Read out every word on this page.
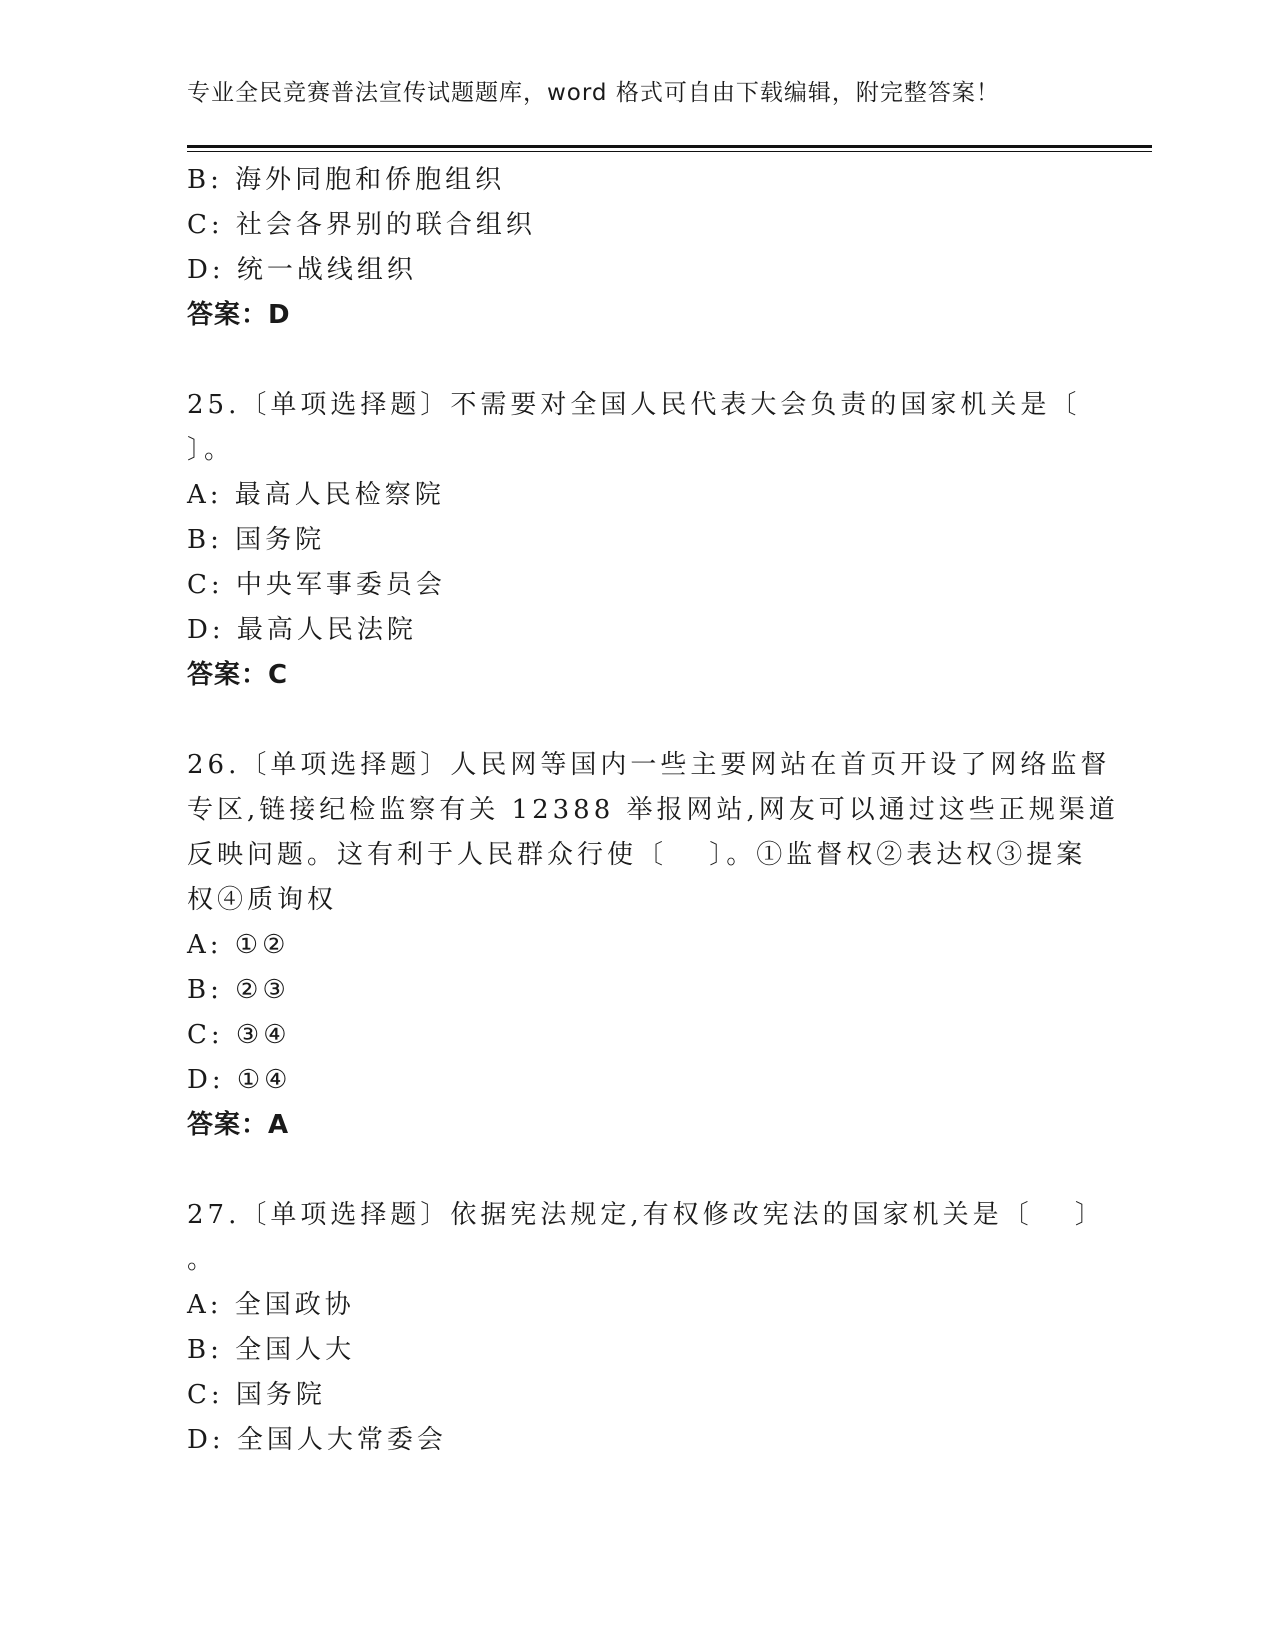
专业全民竞赛普法宣传试题题库，word 格式可自由下载编辑，附完整答案！
B: 海外同胞和侨胞组织
C: 社会各界别的联合组织
D: 统一战线组织
答案：D
25.〔单项选择题〕不需要对全国人民代表大会负责的国家机关是〔
〕。
A: 最高人民检察院
B: 国务院
C: 中央军事委员会
D: 最高人民法院
答案：C
26.〔单项选择题〕人民网等国内一些主要网站在首页开设了网络监督
专区,链接纪检监察有关 12388 举报网站,网友可以通过这些正规渠道
反映问题。这有利于人民群众行使〔　 〕。①监督权②表达权③提案
权④质询权
A: ①②
B: ②③
C: ③④
D: ①④
答案：A
27.〔单项选择题〕依据宪法规定,有权修改宪法的国家机关是〔　 〕
。
A: 全国政协
B: 全国人大
C: 国务院
D: 全国人大常委会
